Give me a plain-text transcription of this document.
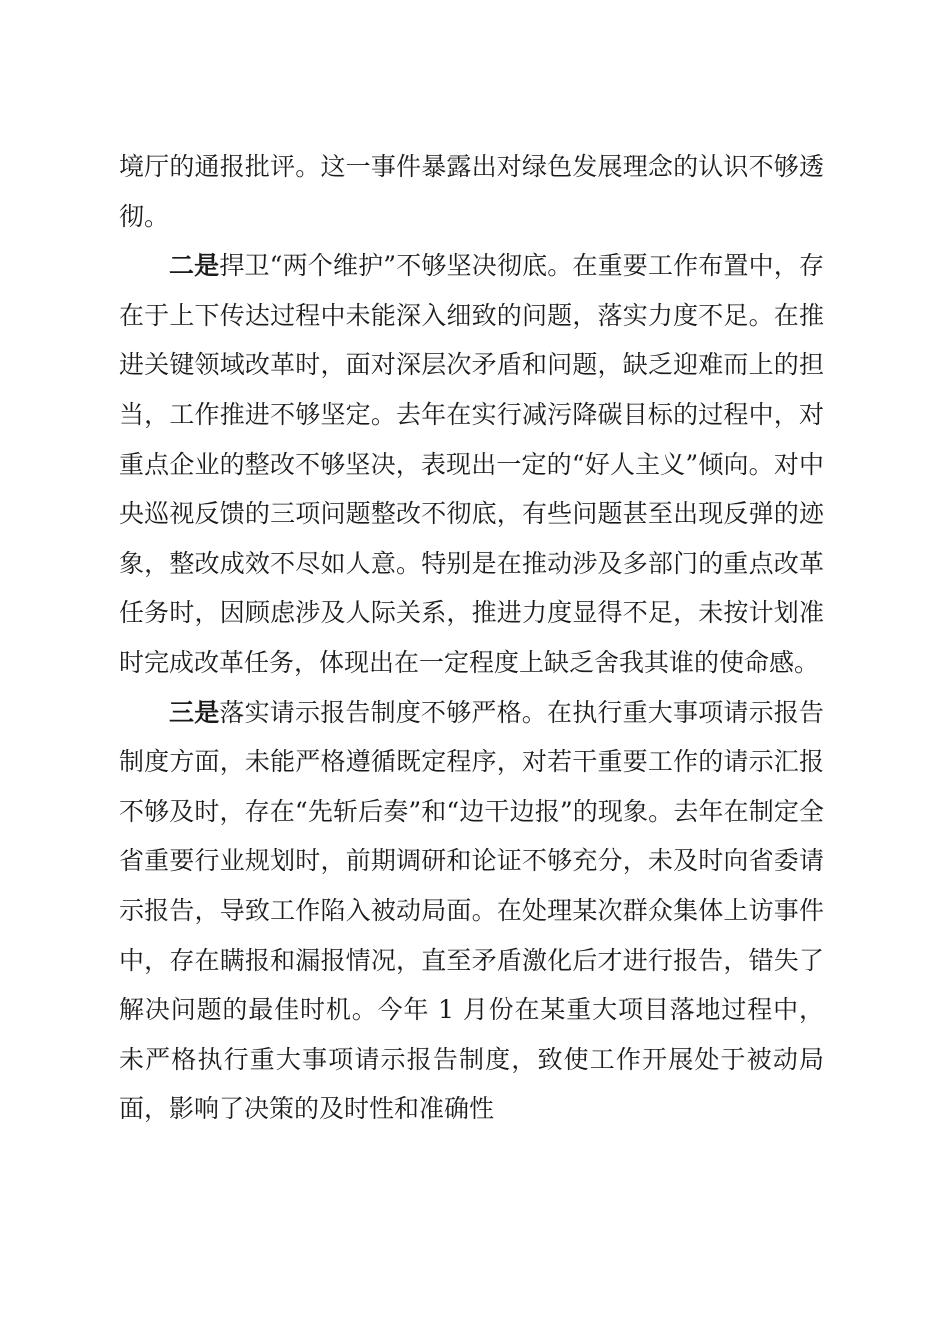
境厅的通报批评。这一事件暴露出对绿色发展理念的认识不够透彻。

二是捍卫“两个维护”不够坚决彻底。在重要工作布置中，存在于上下传达过程中未能深入细致的问题，落实力度不足。在推进关键领域改革时，面对深层次矛盾和问题，缺乏迎难而上的担当，工作推进不够坚定。去年在实行减污降碳目标的过程中，对重点企业的整改不够坚决，表现出一定的“好人主义”倾向。对中央巡视反馈的三项问题整改不彻底，有些问题甚至出现反弹的迹象，整改成效不尽如人意。特别是在推动涉及多部门的重点改革任务时，因顾虑涉及人际关系，推进力度显得不足，未按计划准时完成改革任务，体现出在一定程度上缺乏舍我其谁的使命感。

三是落实请示报告制度不够严格。在执行重大事项请示报告制度方面，未能严格遵循既定程序，对若干重要工作的请示汇报不够及时，存在“先斩后奏”和“边干边报”的现象。去年在制定全省重要行业规划时，前期调研和论证不够充分，未及时向省委请示报告，导致工作陷入被动局面。在处理某次群众集体上访事件中，存在瞒报和漏报情况，直至矛盾激化后才进行报告，错失了解决问题的最佳时机。今年 1 月份在某重大项目落地过程中，未严格执行重大事项请示报告制度，致使工作开展处于被动局面，影响了决策的及时性和准确性
